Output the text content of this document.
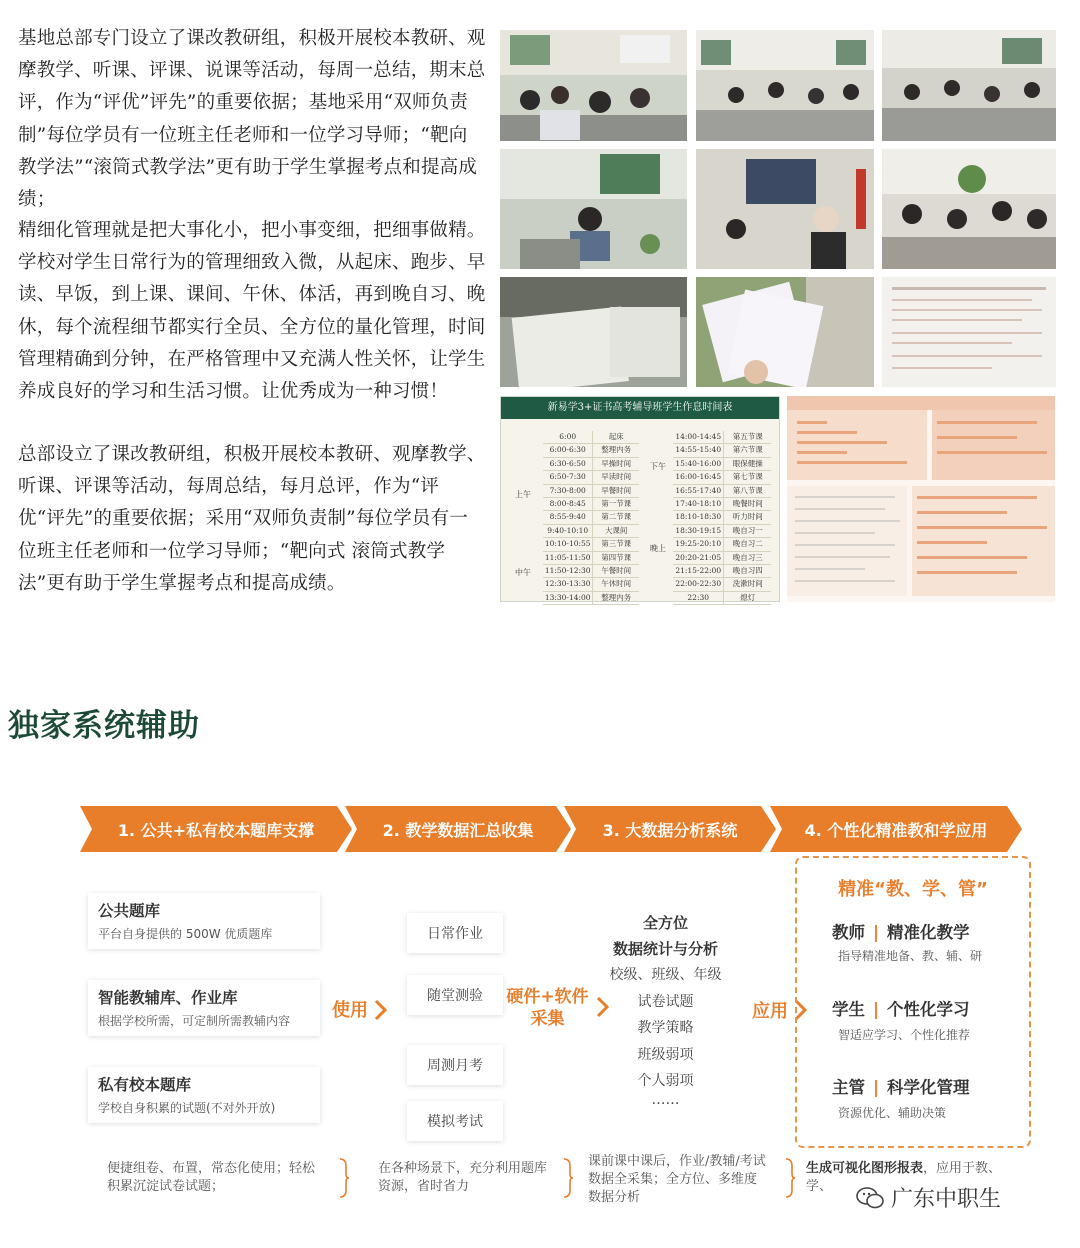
基地总部专门设立了课改教研组，积极开展校本教研、观摩教学、听课、评课、说课等活动，每周一总结，期末总评，作为“评优”评先”的重要依据；基地采用“双师负责制”每位学员有一位班主任老师和一位学习导师；“靶向教学法”“滚筒式教学法”更有助于学生掌握考点和提高成绩；

精细化管理就是把大事化小，把小事变细，把细事做精。学校对学生日常行为的管理细致入微，从起床、跑步、早读、早饭，到上课、课间、午休、体活，再到晚自习、晚休，每个流程细节都实行全员、全方位的量化管理，时间管理精确到分钟，在严格管理中又充满人性关怀，让学生养成良好的学习和生活习惯。让优秀成为一种习惯！

总部设立了课改教研组，积极开展校本教研、观摩教学、听课、评课等活动，每周总结，每月总评，作为“评优“评先”的重要依据；采用“双师负责制”每位学员有一位班主任老师和一位学习导师；“靶向式 滚筒式教学法”更有助于学生掌握考点和提高成绩。

新易学3+证书高考辅导班学生作息时间表
上午
中午
下午
晚上
6:00	起床
6:00-6:30	整理内务
6:30-6:50	早操时间
6:50-7:30	早读时间
7:30-8:00	早餐时间
8:00-8:45	第一节课
8:55-9:40	第二节课
9:40-10:10	大课间
10:10-10:55	第三节课
11:05-11:50	第四节课
11:50-12:30	午餐时间
12:30-13:30	午休时间
13:30-14:00	整理内务
14:00-14:45	第五节课
14:55-15:40	第六节课
15:40-16:00	眼保健操
16:00-16:45	第七节课
16:55-17:40	第八节课
17:40-18:10	晚餐时间
18:10-18:30	听力时间
18:30-19:15	晚自习一
19:25-20:10	晚自习二
20:20-21:05	晚自习三
21:15-22:00	晚自习四
22:00-22:30	洗漱时间
22:30	熄灯
独家系统辅助
1. 公共+私有校本题库支撑	2. 教学数据汇总收集	3. 大数据分析系统	4. 个性化精准教和学应用
公共题库
平台自身提供的 500W 优质题库
智能教辅库、作业库
根据学校所需，可定制所需教辅内容
私有校本题库
学校自身积累的试题(不对外开放)
使用
日常作业
随堂测验
周测月考
模拟考试
硬件+软件
采集
全方位
数据统计与分析
校级、班级、年级
试卷试题
教学策略
班级弱项
个人弱项
……
应用
精准“教、学、管”
教师 | 精准化教学
指导精准地备、教、辅、研
学生 | 个性化学习
智适应学习、个性化推荐
主管 | 科学化管理
资源优化、辅助决策
便捷组卷、布置，常态化使用；轻松积累沉淀试卷试题；
在各种场景下，充分利用题库资源，省时省力
课前课中课后，作业/教辅/考试数据全采集；全方位、多维度数据分析
生成可视化图形报表，应用于教、学、
广东中职生
